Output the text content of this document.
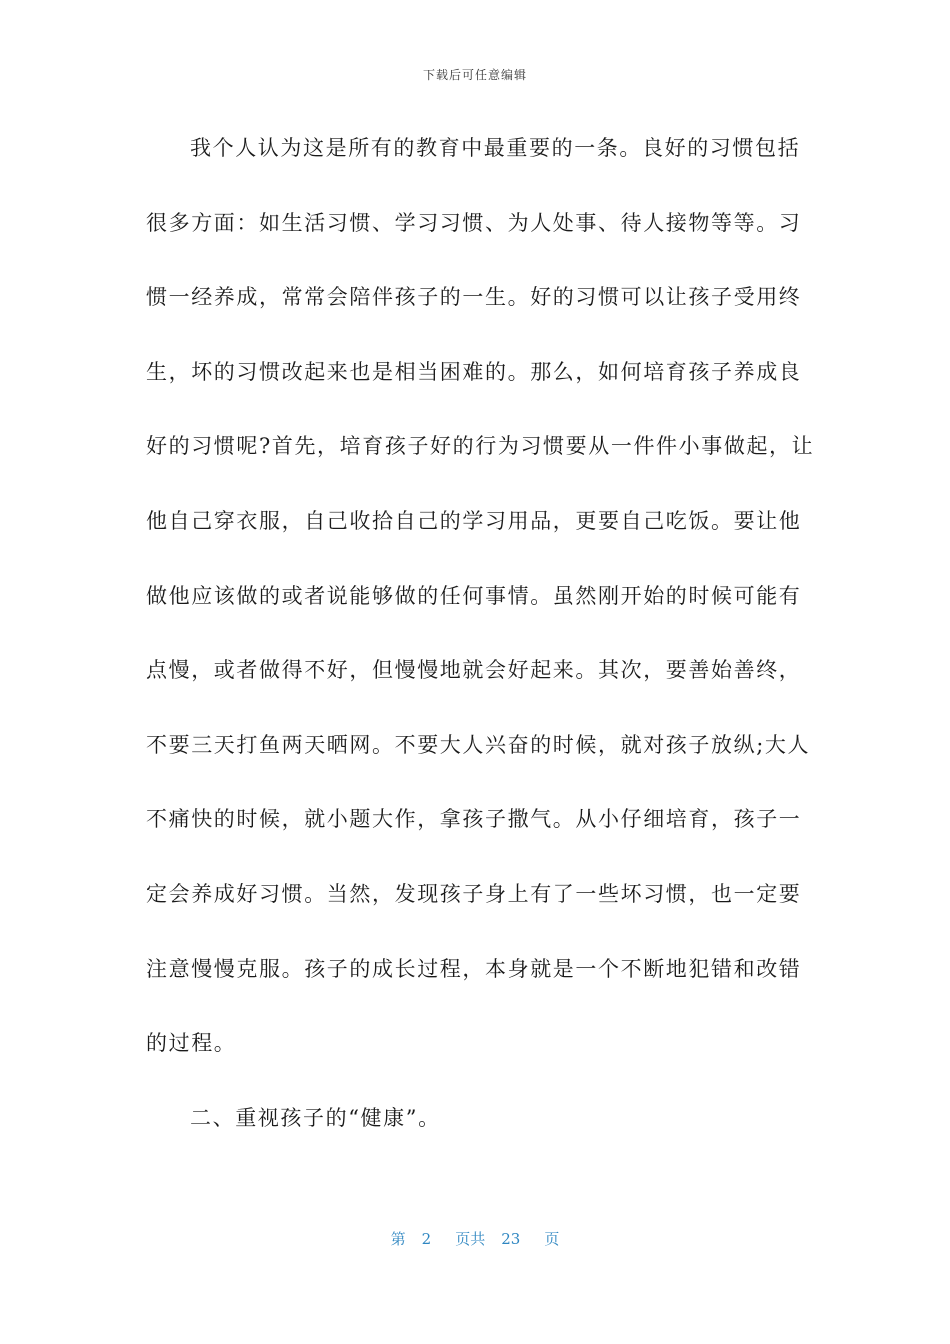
下载后可任意编辑
我个人认为这是所有的教育中最重要的一条。良好的习惯包括
很多方面：如生活习惯、学习习惯、为人处事、待人接物等等。习
惯一经养成，常常会陪伴孩子的一生。好的习惯可以让孩子受用终
生，坏的习惯改起来也是相当困难的。那么，如何培育孩子养成良
好的习惯呢?首先，培育孩子好的行为习惯要从一件件小事做起，让
他自己穿衣服，自己收拾自己的学习用品，更要自己吃饭。要让他
做他应该做的或者说能够做的任何事情。虽然刚开始的时候可能有
点慢，或者做得不好，但慢慢地就会好起来。其次，要善始善终，
不要三天打鱼两天晒网。不要大人兴奋的时候，就对孩子放纵;大人
不痛快的时候，就小题大作，拿孩子撒气。从小仔细培育，孩子一
定会养成好习惯。当然，发现孩子身上有了一些坏习惯，也一定要
注意慢慢克服。孩子的成长过程，本身就是一个不断地犯错和改错
的过程。
二、重视孩子的“健康”。
第 2 页共 23 页
